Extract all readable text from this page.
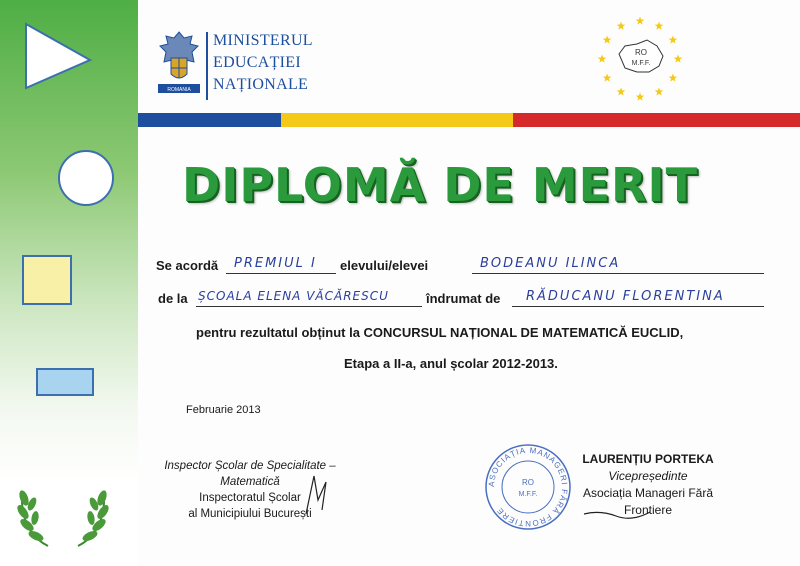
ROMANIA
MINISTERUL
EDUCAȚIEI
NAȚIONALE
RO
M.F.F.
DIPLOMĂ DE MERIT
Se acordă PREMIUL I elevului/elevei	BODEANU ILINCA
de la ȘCOALA ELENA VĂCĂRESCU	îndrumat de RĂDUCANU FLORENTINA
pentru rezultatul obținut la CONCURSUL NAȚIONAL DE MATEMATICĂ EUCLID,
Etapa a II-a, anul școlar 2012-2013.
Februarie 2013
Inspector Școlar de Specialitate –
Matematică
Inspectoratul Școlar
al Municipiului București
ASOCIAȚIA MANAGERI FĂRĂ FRONTIERE
RO
M.F.F.
LAURENȚIU PORTEKA
Vicepreședinte
Asociația Manageri Fără
Frontiere
